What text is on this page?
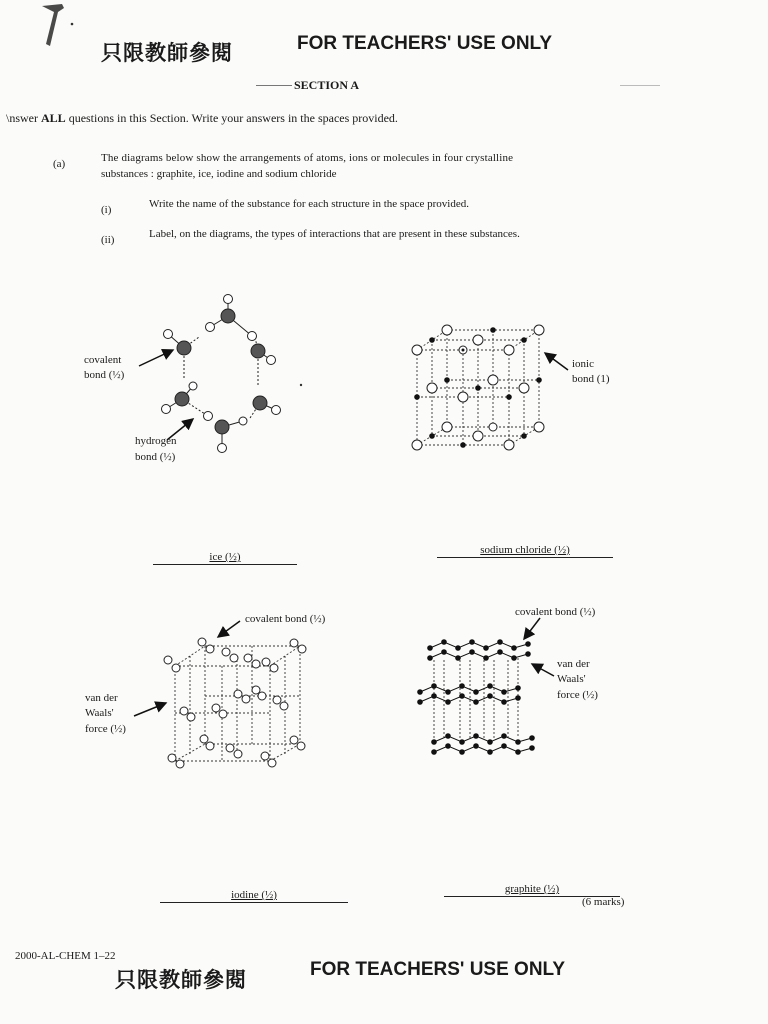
只限教師參閱	FOR TEACHERS' USE ONLY
SECTION A
\nswer ALL questions in this Section. Write your answers in the spaces provided.
(a)	The diagrams below show the arrangements of atoms, ions or molecules in four crystalline
substances : graphite, ice, iodine and sodium chloride
(i)	Write the name of the substance for each structure in the space provided.
(ii)	Label, on the diagrams, the types of interactions that are present in these substances.
covalent
bond (½)
hydrogen
bond (½)
ionic
bond (1)
ice (½)
sodium chloride (½)
covalent bond (½)
van der
Waals'
force (½)
covalent bond (½)
van der
Waals'
force (½)
iodine (½)	graphite (½)
(6 marks)
2000-AL-CHEM 1–22
只限教師參閱	FOR TEACHERS' USE ONLY
